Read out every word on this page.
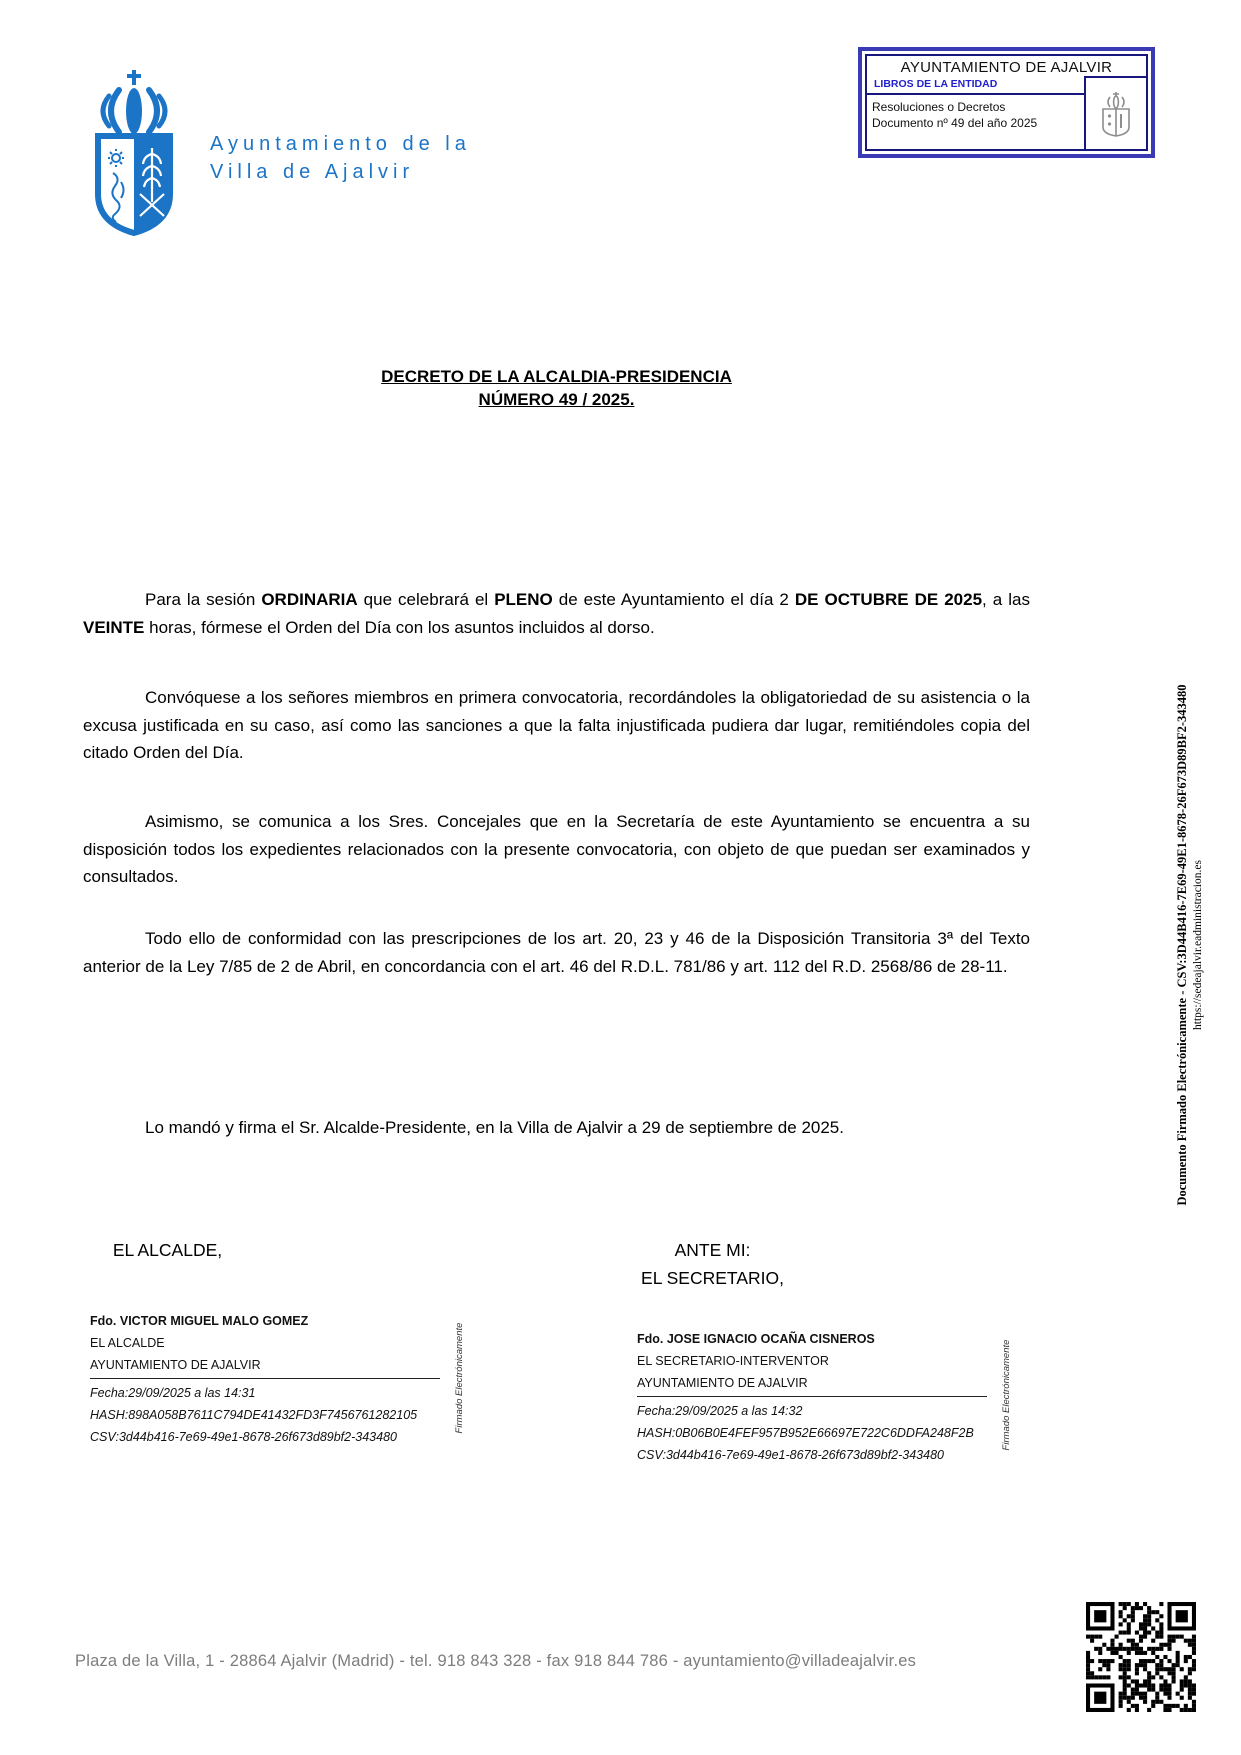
Ayuntamiento de la
Villa de Ajalvir
AYUNTAMIENTO DE AJALVIR
LIBROS DE LA ENTIDAD
Resoluciones o Decretos
Documento nº 49 del año 2025
DECRETO DE LA ALCALDIA-PRESIDENCIA
NÚMERO 49 / 2025.

Para la sesión ORDINARIA que celebrará el PLENO de este Ayuntamiento el día 2 DE OCTUBRE DE 2025, a las VEINTE horas, fórmese el Orden del Día con los asuntos incluidos al dorso.

Convóquese a los señores miembros en primera convocatoria, recordándoles la obligatoriedad de su asistencia o la excusa justificada en su caso, así como las sanciones a que la falta injustificada pudiera dar lugar, remitiéndoles copia del citado Orden del Día.

Asimismo, se comunica a los Sres. Concejales que en la Secretaría de este Ayuntamiento se encuentra a su disposición todos los expedientes relacionados con la presente convocatoria, con objeto de que puedan ser examinados y consultados.

Todo ello de conformidad con las prescripciones de los art. 20, 23 y 46 de la Disposición Transitoria 3ª del Texto anterior de la Ley 7/85 de 2 de Abril, en concordancia con el art. 46 del R.D.L. 781/86 y art. 112 del R.D. 2568/86 de 28-11.

Lo mandó y firma el Sr. Alcalde-Presidente, en la Villa de Ajalvir a 29 de septiembre de 2025.

EL ALCALDE,	ANTE MI:
EL SECRETARIO,
Fdo. VICTOR MIGUEL MALO GOMEZ
EL ALCALDE
AYUNTAMIENTO DE AJALVIR
Fecha:29/09/2025 a las 14:31
HASH:898A058B7611C794DE41432FD3F7456761282105
CSV:3d44b416-7e69-49e1-8678-26f673d89bf2-343480
Firmado Electrónicamente	Fdo. JOSE IGNACIO OCAÑA CISNEROS
EL SECRETARIO-INTERVENTOR
AYUNTAMIENTO DE AJALVIR
Fecha:29/09/2025 a las 14:32
HASH:0B06B0E4FEF957B952E66697E722C6DDFA248F2B
CSV:3d44b416-7e69-49e1-8678-26f673d89bf2-343480
Firmado Electrónicamente
Documento Firmado Electrónicamente - CSV:3D44B416-7E69-49E1-8678-26F673D89BF2-343480 https://sedeajalvir.eadministracion.es
Plaza de la Villa, 1 - 28864 Ajalvir (Madrid) - tel. 918 843 328 - fax 918 844 786 - ayuntamiento@villadeajalvir.es
